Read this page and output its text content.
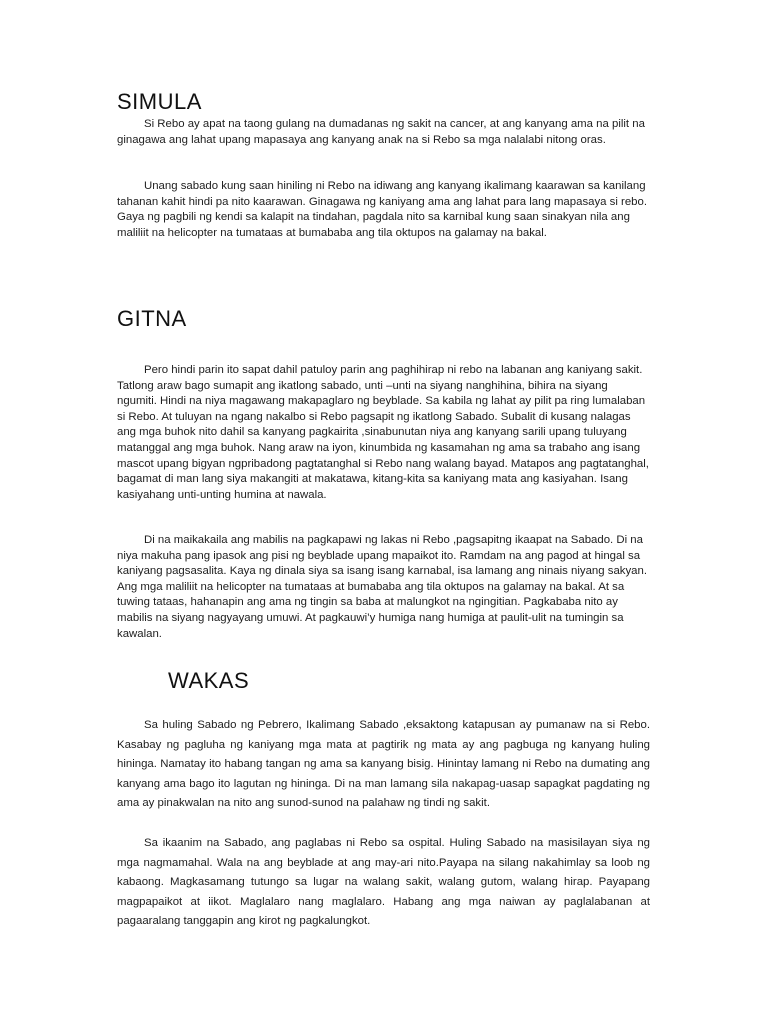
SIMULA

Si Rebo ay apat na taong gulang na dumadanas ng sakit na cancer, at ang kanyang ama na pilit na ginagawa ang lahat upang mapasaya ang kanyang anak na si Rebo sa mga nalalabi nitong oras.

Unang sabado kung saan hiniling ni Rebo na idiwang ang kanyang ikalimang kaarawan sa kanilang tahanan kahit hindi pa nito kaarawan. Ginagawa ng kaniyang ama ang lahat para lang mapasaya si rebo. Gaya ng pagbili ng kendi sa kalapit na tindahan, pagdala nito sa karnibal kung saan sinakyan nila ang maliliit na helicopter na tumataas at bumababa ang tila oktupos na galamay na bakal.

GITNA

Pero hindi parin ito sapat dahil patuloy parin ang paghihirap ni rebo na labanan ang kaniyang sakit. Tatlong araw bago sumapit ang ikatlong sabado, unti –unti na siyang nanghihina, bihira na siyang ngumiti. Hindi na niya magawang makapaglaro ng beyblade. Sa kabila ng lahat ay pilit pa ring lumalaban si Rebo. At tuluyan na ngang nakalbo si Rebo pagsapit ng ikatlong Sabado. Subalit di kusang nalagas ang mga buhok nito dahil sa kanyang pagkairita ,sinabunutan niya ang kanyang sarili upang tuluyang matanggal ang mga buhok. Nang araw na iyon, kinumbida ng kasamahan ng ama sa trabaho ang isang mascot upang bigyan ngpribadong pagtatanghal si Rebo nang walang bayad. Matapos ang pagtatanghal, bagamat di man lang siya makangiti at makatawa, kitang-kita sa kaniyang mata ang kasiyahan. Isang kasiyahang unti-unting humina at nawala.

Di na maikakaila ang mabilis na pagkapawi ng lakas ni Rebo ,pagsapitng ikaapat na Sabado. Di na niya makuha pang ipasok ang pisi ng beyblade upang mapaikot ito. Ramdam na ang pagod at hingal sa kaniyang pagsasalita. Kaya ng dinala siya sa isang isang karnabal, isa lamang ang ninais niyang sakyan. Ang mga maliliit na helicopter na tumataas at bumababa ang tila oktupos na galamay na bakal. At sa tuwing tataas, hahanapin ang ama ng tingin sa baba at malungkot na ngingitian. Pagkababa nito ay mabilis na siyang nagyayang umuwi. At pagkauwi’y humiga nang humiga at paulit-ulit na tumingin sa kawalan.

WAKAS

Sa huling Sabado ng Pebrero, Ikalimang Sabado ,eksaktong katapusan ay pumanaw na si Rebo. Kasabay ng pagluha ng kaniyang mga mata at pagtirik ng mata ay ang pagbuga ng kanyang huling hininga. Namatay ito habang tangan ng ama sa kanyang bisig. Hinintay lamang ni Rebo na dumating ang kanyang ama bago ito lagutan ng hininga. Di na man lamang sila nakapag-uasap sapagkat pagdating ng ama ay pinakwalan na nito ang sunod-sunod na palahaw ng tindi ng sakit.

Sa ikaanim na Sabado, ang paglabas ni Rebo sa ospital. Huling Sabado na masisilayan siya ng mga nagmamahal. Wala na ang beyblade at ang may-ari nito.Payapa na silang nakahimlay sa loob ng kabaong. Magkasamang tutungo sa lugar na walang sakit, walang gutom, walang hirap. Payapang magpapaikot at iikot. Maglalaro nang maglalaro. Habang ang mga naiwan ay paglalabanan at pagaaralang tanggapin ang kirot ng pagkalungkot.
